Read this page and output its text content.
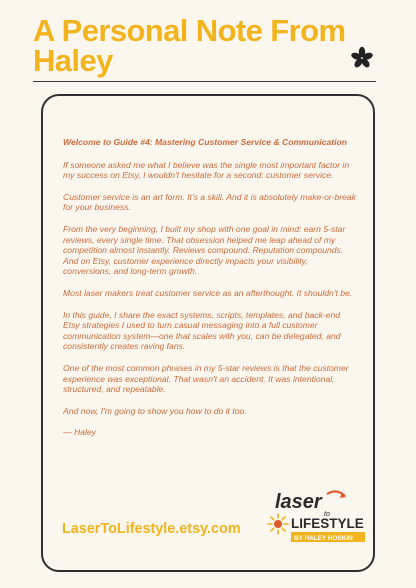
A Personal Note From Haley

Welcome to Guide #4: Mastering Customer Service & Communication

If someone asked me what I believe was the single most important factor in my success on Etsy, I wouldn't hesitate for a second: customer service.

Customer service is an art form. It's a skill. And it is absolutely make-or-break for your business.

From the very beginning, I built my shop with one goal in mind: earn 5-star reviews, every single time. That obsession helped me leap ahead of my competition almost instantly. Reviews compound. Reputation compounds. And on Etsy, customer experience directly impacts your visibility, conversions, and long-term growth.

Most laser makers treat customer service as an afterthought. It shouldn't be.

In this guide, I share the exact systems, scripts, templates, and back-end Etsy strategies I used to turn casual messaging into a full customer communication system—one that scales with you, can be delegated, and consistently creates raving fans.

One of the most common phrases in my 5-star reviews is that the customer experience was exceptional. That wasn't an accident. It was intentional, structured, and repeatable.

And now, I'm going to show you how to do it too.

— Haley

LaserToLifestyle.etsy.com
laser
to
LIFESTYLE
BY HALEY HOSKIN
